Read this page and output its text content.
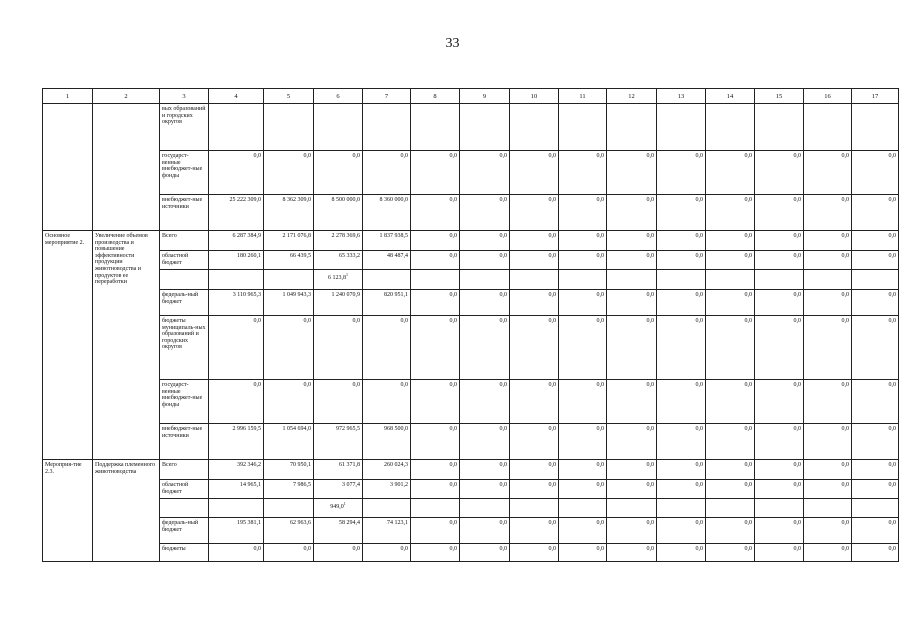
33
1	2	3	4	5	6	7	8	9	10	11	12	13	14	15	16	17
		вых образований и городских округов														
		государст-венные внебюджет-ные фонды	0,0	0,0	0,0	0,0	0,0	0,0	0,0	0,0	0,0	0,0	0,0	0,0	0,0	0,0
		внебюджет-ные источники	25 222 309,0	8 362 309,0	8 500 000,0	8 360 000,0	0,0	0,0	0,0	0,0	0,0	0,0	0,0	0,0	0,0	0,0
Основное мероприятие 2.	Увеличение объемов производства и повышение эффективности продукции животноводства и продуктов ее переработки	Всего	6 287 384,9	2 171 076,8	2 278 369,6	1 837 938,5	0,0	0,0	0,0	0,0	0,0	0,0	0,0	0,0	0,0	0,0
		областной бюджет	180 260,1	66 439,5	65 333,2	48 487,4	0,0	0,0	0,0	0,0	0,0	0,0	0,0	0,0	0,0	0,0
					6 123,8$^1$											
		федераль-ный бюджет	3 110 965,3	1 049 943,3	1 240 070,9	820 951,1	0,0	0,0	0,0	0,0	0,0	0,0	0,0	0,0	0,0	0,0
		бюджеты муниципаль-ных образований и городских округов	0,0	0,0	0,0	0,0	0,0	0,0	0,0	0,0	0,0	0,0	0,0	0,0	0,0	0,0
		государст-венные внебюджет-ные фонды	0,0	0,0	0,0	0,0	0,0	0,0	0,0	0,0	0,0	0,0	0,0	0,0	0,0	0,0
		внебюджет-ные источники	2 996 159,5	1 054 694,0	972 965,5	968 500,0	0,0	0,0	0,0	0,0	0,0	0,0	0,0	0,0	0,0	0,0
Мероприя-тие 2.3.	Поддержка племенного животноводства	Всего	392 346,2	70 950,1	61 371,8	260 024,3	0,0	0,0	0,0	0,0	0,0	0,0	0,0	0,0	0,0	0,0
		областной бюджет	14 965,1	7 986,5	3 077,4	3 901,2	0,0	0,0	0,0	0,0	0,0	0,0	0,0	0,0	0,0	0,0
					949,0$^1$											
		федераль-ный бюджет	195 381,1	62 963,6	58 294,4	74 123,1	0,0	0,0	0,0	0,0	0,0	0,0	0,0	0,0	0,0	0,0
		бюджеты	0,0	0,0	0,0	0,0	0,0	0,0	0,0	0,0	0,0	0,0	0,0	0,0	0,0	0,0
